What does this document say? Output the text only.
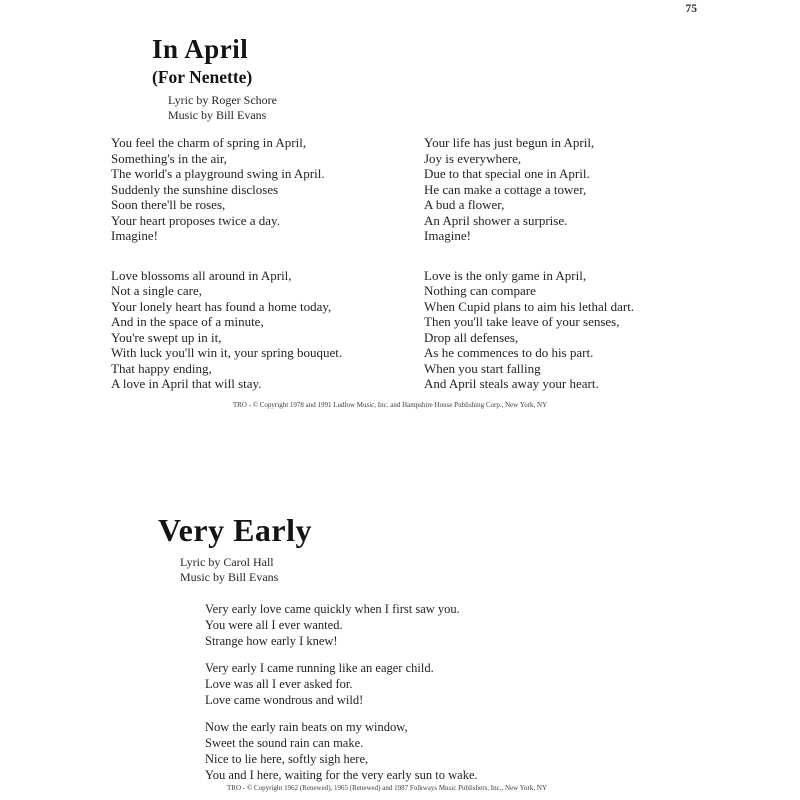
75
In April
(For Nenette)
Lyric by Roger Schore
Music by Bill Evans
You feel the charm of spring in April,
Something's in the air,
The world's a playground swing in April.
Suddenly the sunshine discloses
Soon there'll be roses,
Your heart proposes twice a day.
Imagine!
Love blossoms all around in April,
Not a single care,
Your lonely heart has found a home today,
And in the space of a minute,
You're swept up in it,
With luck you'll win it, your spring bouquet.
That happy ending,
A love in April that will stay.
Your life has just begun in April,
Joy is everywhere,
Due to that special one in April.
He can make a cottage a tower,
A bud a flower,
An April shower a surprise.
Imagine!
Love is the only game in April,
Nothing can compare
When Cupid plans to aim his lethal dart.
Then you'll take leave of your senses,
Drop all defenses,
As he commences to do his part.
When you start falling
And April steals away your heart.

TRO - © Copyright 1978 and 1991 Ludlow Music, Inc. and Hampshire House Publishing Corp., New York, NY

Very Early
Lyric by Carol Hall
Music by Bill Evans
Very early love came quickly when I first saw you.
You were all I ever wanted.
Strange how early I knew!
Very early I came running like an eager child.
Love was all I ever asked for.
Love came wondrous and wild!
Now the early rain beats on my window,
Sweet the sound rain can make.
Nice to lie here, softly sigh here,
You and I here, waiting for the very early sun to wake.

TRO - © Copyright 1962 (Renewed), 1965 (Renewed) and 1987 Folkways Music Publishers, Inc., New York, NY
